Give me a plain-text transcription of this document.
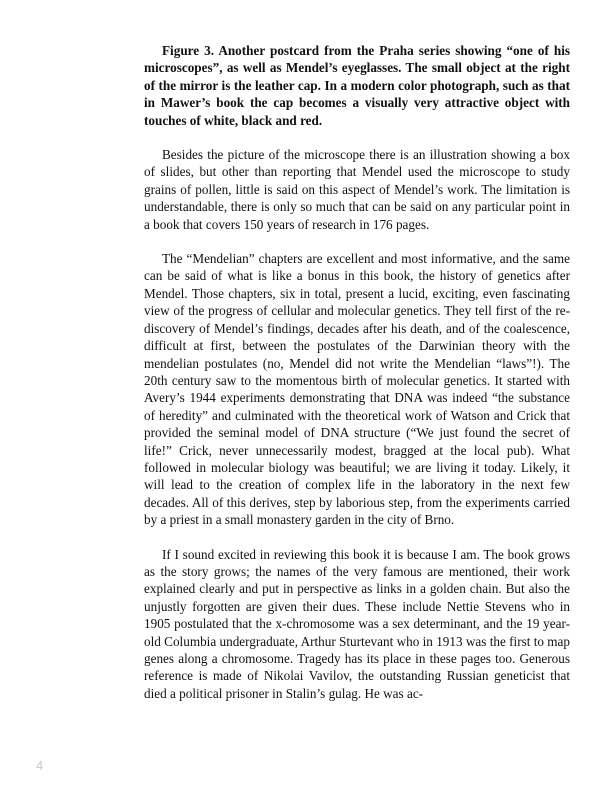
Figure 3. Another postcard from the Praha series showing “one of his microscopes”, as well as Mendel’s eyeglasses. The small object at the right of the mirror is the leather cap. In a modern color photograph, such as that in Mawer’s book the cap becomes a visually very attractive object with touches of white, black and red.

Besides the picture of the microscope there is an illustration showing a box of slides, but other than reporting that Mendel used the microscope to study grains of pollen, little is said on this aspect of Mendel’s work. The limitation is understandable, there is only so much that can be said on any particular point in a book that covers 150 years of research in 176 pages.

The “Mendelian” chapters are excellent and most informative, and the same can be said of what is like a bonus in this book, the history of genetics after Mendel. Those chapters, six in total, present a lucid, exciting, even fascinating view of the progress of cellular and molecular genetics. They tell first of the re-discovery of Mendel’s findings, decades after his death, and of the coalescence, difficult at first, between the postulates of the Darwinian theory with the mendelian postulates (no, Mendel did not write the Mendelian “laws”!). The 20th century saw to the momentous birth of molecular genetics. It started with Avery’s 1944 experiments demonstrating that DNA was indeed “the substance of heredity” and culminated with the theoretical work of Watson and Crick that provided the seminal model of DNA structure (“We just found the secret of life!” Crick, never unnecessarily modest, bragged at the local pub). What followed in molecular biology was beautiful; we are living it today. Likely, it will lead to the creation of complex life in the laboratory in the next few decades. All of this derives, step by laborious step, from the experiments carried by a priest in a small monastery garden in the city of Brno.

If I sound excited in reviewing this book it is because I am. The book grows as the story grows; the names of the very famous are mentioned, their work explained clearly and put in perspective as links in a golden chain. But also the unjustly forgotten are given their dues. These include Nettie Stevens who in 1905 postulated that the x-chromosome was a sex determinant, and the 19 year-old Columbia undergraduate, Arthur Sturtevant who in 1913 was the first to map genes along a chromosome. Tragedy has its place in these pages too. Generous reference is made of Nikolai Vavilov, the outstanding Russian geneticist that died a political prisoner in Stalin’s gulag. He was ac-

4
